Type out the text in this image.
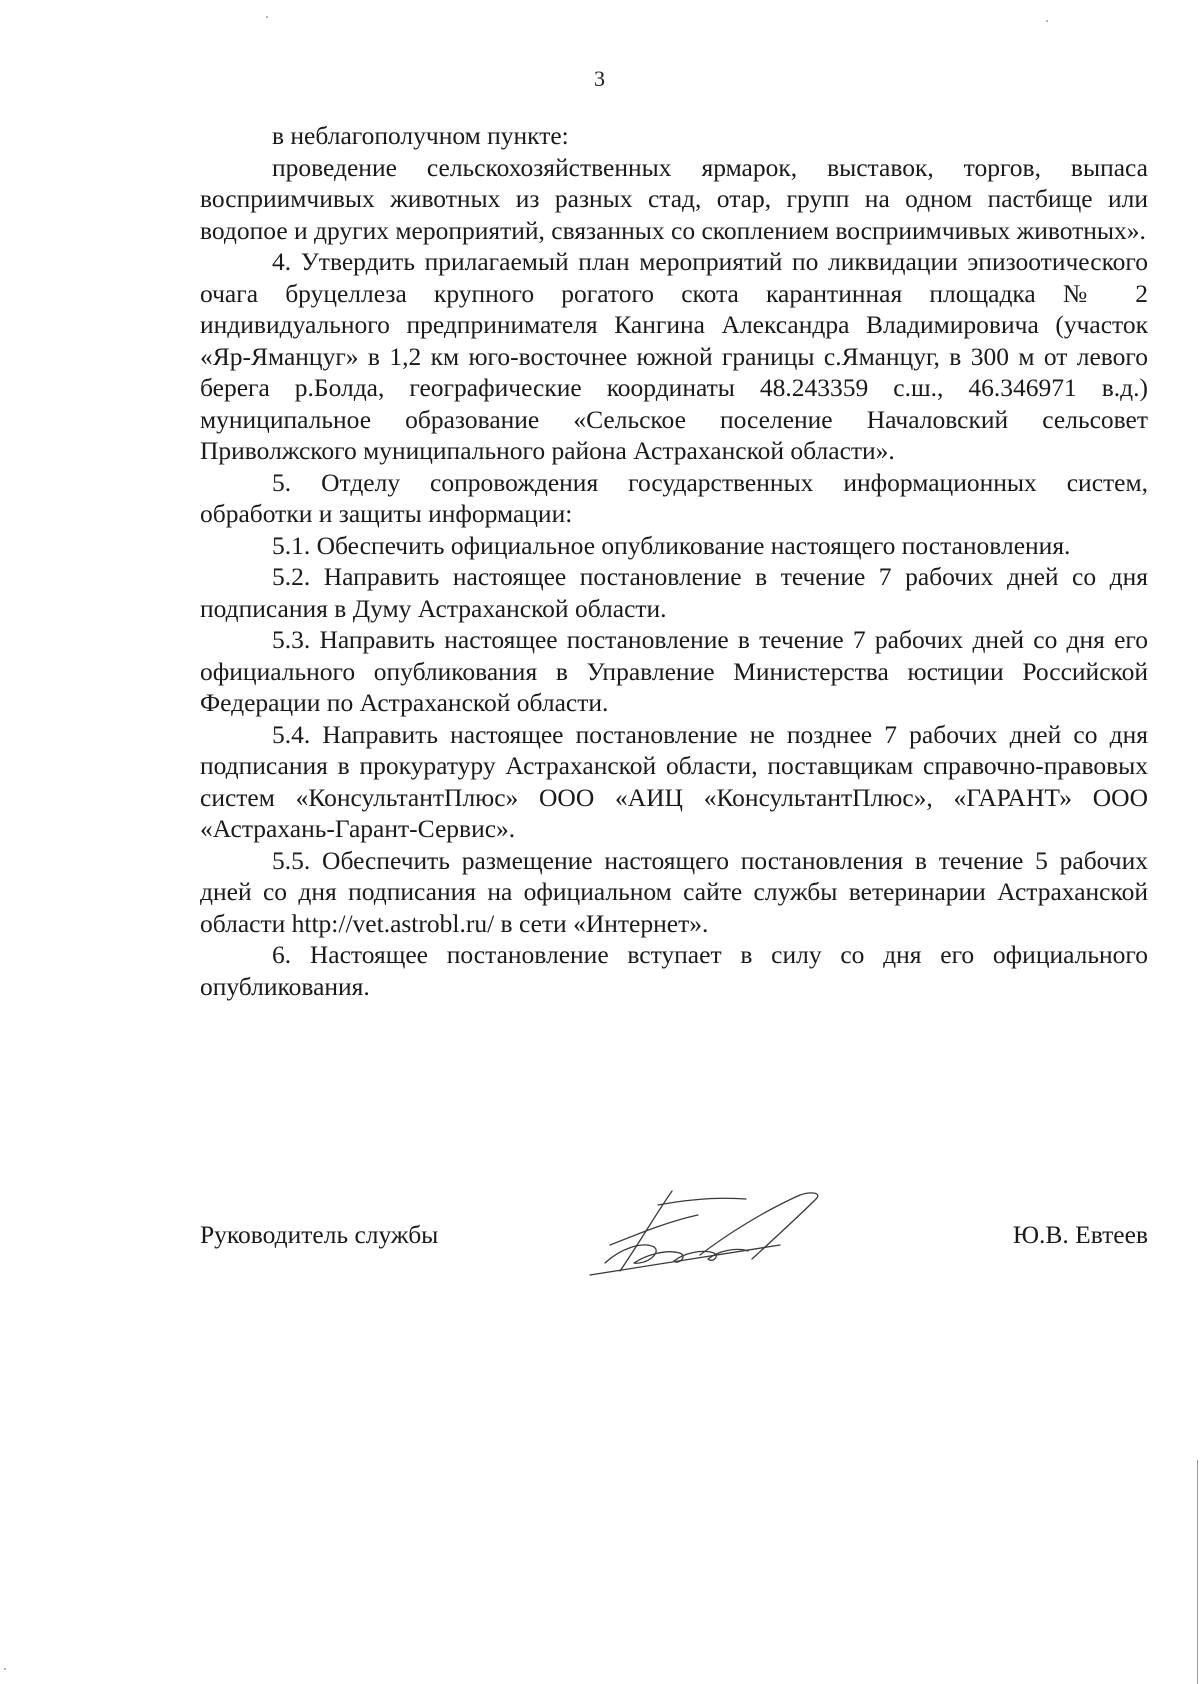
3

в неблагополучном пункте:

проведение сельскохозяйственных ярмарок, выставок, торгов, выпаса восприимчивых животных из разных стад, отар, групп на одном пастбище или водопое и других мероприятий, связанных со скоплением восприимчивых животных».

4. Утвердить прилагаемый план мероприятий по ликвидации эпизоотического очага бруцеллеза крупного рогатого скота карантинная площадка № 2 индивидуального предпринимателя Кангина Александра Владимировича (участок «Яр-Яманцуг» в 1,2 км юго-восточнее южной границы с.Яманцуг, в 300 м от левого берега р.Болда, географические координаты 48.243359 с.ш., 46.346971 в.д.) муниципальное образование «Сельское поселение Началовский сельсовет Приволжского муниципального района Астраханской области».

5. Отделу сопровождения государственных информационных систем, обработки и защиты информации:

5.1. Обеспечить официальное опубликование настоящего постановления.

5.2. Направить настоящее постановление в течение 7 рабочих дней со дня подписания в Думу Астраханской области.

5.3. Направить настоящее постановление в течение 7 рабочих дней со дня его официального опубликования в Управление Министерства юстиции Российской Федерации по Астраханской области.

5.4. Направить настоящее постановление не позднее 7 рабочих дней со дня подписания в прокуратуру Астраханской области, поставщикам справочно-правовых систем «КонсультантПлюс» ООО «АИЦ «КонсультантПлюс», «ГАРАНТ» ООО «Астрахань-Гарант-Сервис».

5.5. Обеспечить размещение настоящего постановления в течение 5 рабочих дней со дня подписания на официальном сайте службы ветеринарии Астраханской области http://vet.astrobl.ru/ в сети «Интернет».

6. Настоящее постановление вступает в силу со дня его официального опубликования.

Руководитель службы	Ю.В. Евтеев
